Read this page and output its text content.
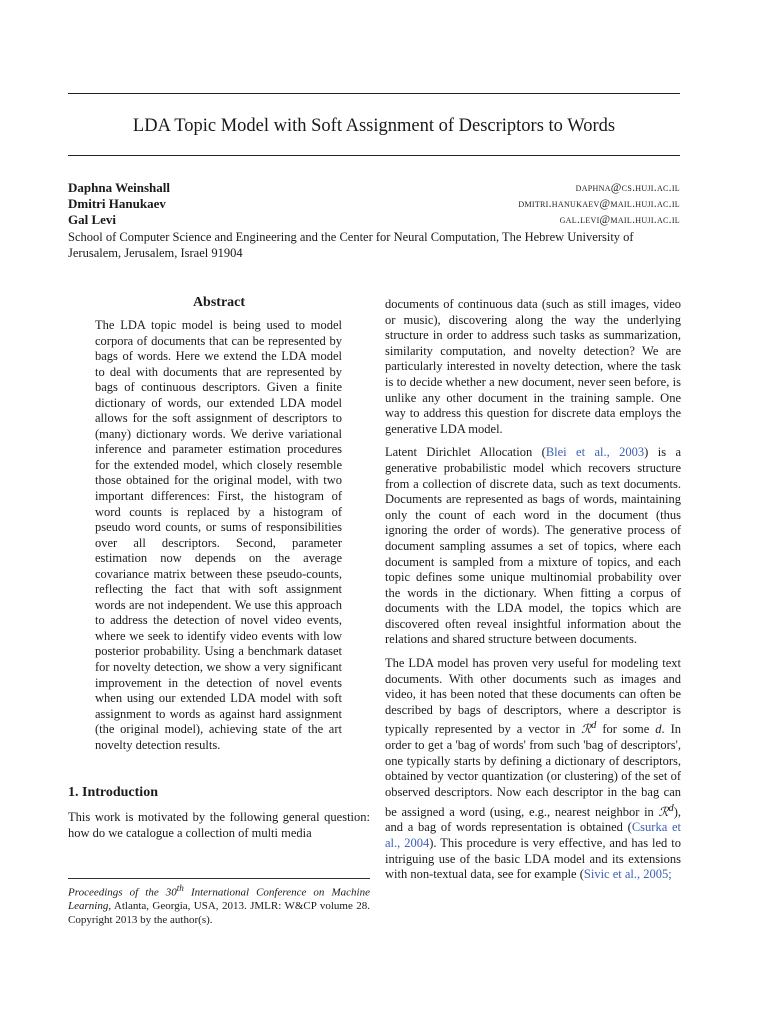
LDA Topic Model with Soft Assignment of Descriptors to Words
Daphna Weinshall	daphna@cs.huji.ac.il
Dmitri Hanukaev	dmitri.hanukaev@mail.huji.ac.il
Gal Levi	gal.levi@mail.huji.ac.il
School of Computer Science and Engineering and the Center for Neural Computation, The Hebrew University of Jerusalem, Jerusalem, Israel 91904
Abstract

The LDA topic model is being used to model corpora of documents that can be represented by bags of words. Here we extend the LDA model to deal with documents that are represented by bags of continuous descriptors. Given a finite dictionary of words, our extended LDA model allows for the soft assignment of descriptors to (many) dictionary words. We derive variational inference and parameter estimation procedures for the extended model, which closely resemble those obtained for the original model, with two important differences: First, the histogram of word counts is replaced by a histogram of pseudo word counts, or sums of responsibilities over all descriptors. Second, parameter estimation now depends on the average covariance matrix between these pseudo-counts, reflecting the fact that with soft assignment words are not independent. We use this approach to address the detection of novel video events, where we seek to identify video events with low posterior probability. Using a benchmark dataset for novelty detection, we show a very significant improvement in the detection of novel events when using our extended LDA model with soft assignment to words as against hard assignment (the original model), achieving state of the art novelty detection results.

1. Introduction

This work is motivated by the following general question: how do we catalogue a collection of multi media

Proceedings of the 30th International Conference on Machine Learning, Atlanta, Georgia, USA, 2013. JMLR: W&CP volume 28. Copyright 2013 by the author(s).

documents of continuous data (such as still images, video or music), discovering along the way the underlying structure in order to address such tasks as summarization, similarity computation, and novelty detection? We are particularly interested in novelty detection, where the task is to decide whether a new document, never seen before, is unlike any other document in the training sample. One way to address this question for discrete data employs the generative LDA model.

Latent Dirichlet Allocation (Blei et al., 2003) is a generative probabilistic model which recovers structure from a collection of discrete data, such as text documents. Documents are represented as bags of words, maintaining only the count of each word in the document (thus ignoring the order of words). The generative process of document sampling assumes a set of topics, where each document is sampled from a mixture of topics, and each topic defines some unique multinomial probability over the words in the dictionary. When fitting a corpus of documents with the LDA model, the topics which are discovered often reveal insightful information about the relations and shared structure between documents.

The LDA model has proven very useful for modeling text documents. With other documents such as images and video, it has been noted that these documents can often be described by bags of descriptors, where a descriptor is typically represented by a vector in ℛ$^d$ for some d. In order to get a 'bag of words' from such 'bag of descriptors', one typically starts by defining a dictionary of descriptors, obtained by vector quantization (or clustering) of the set of observed descriptors. Now each descriptor in the bag can be assigned a word (using, e.g., nearest neighbor in ℛ$^d$), and a bag of words representation is obtained (Csurka et al., 2004). This procedure is very effective, and has led to intriguing use of the basic LDA model and its extensions with non-textual data, see for example (Sivic et al., 2005;
